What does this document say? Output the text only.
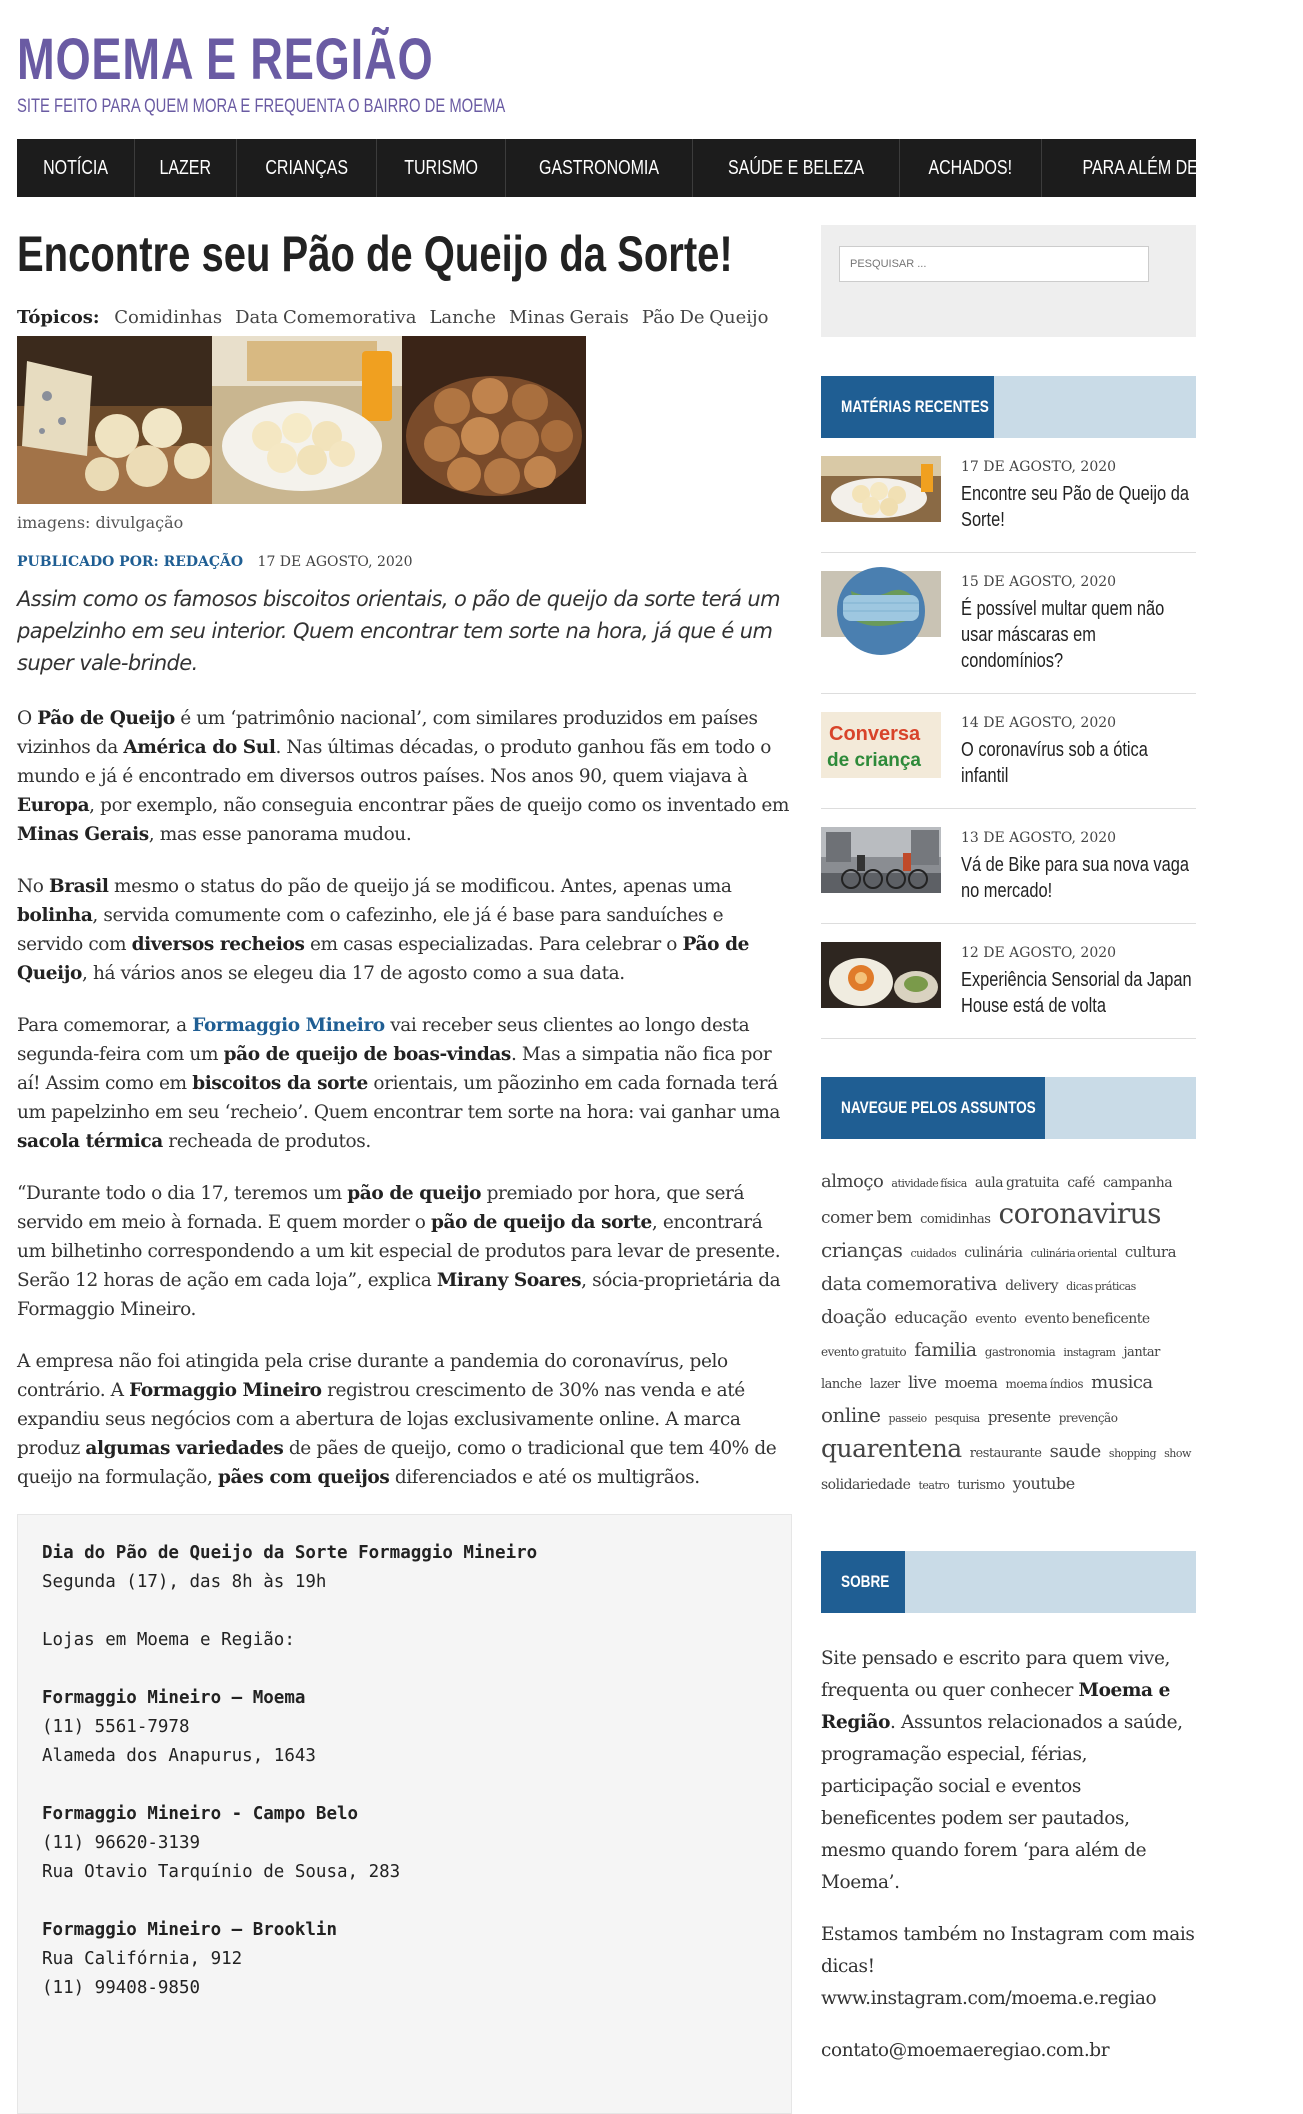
MOEMA E REGIÃO
SITE FEITO PARA QUEM MORA E FREQUENTA O BAIRRO DE MOEMA
NOTÍCIA	LAZER	CRIANÇAS	TURISMO	GASTRONOMIA	SAÚDE E BELEZA	ACHADOS!	PARA ALÉM DE MOEMA
Encontre seu Pão de Queijo da Sorte!
Tópicos: Comidinhas Data Comemorativa Lanche Minas Gerais Pão De Queijo
imagens: divulgação
PUBLICADO POR: REDAÇÃO 17 DE AGOSTO, 2020
Assim como os famosos biscoitos orientais, o pão de queijo da sorte terá um papelzinho em seu interior. Quem encontrar tem sorte na hora, já que é um super vale-brinde.

O Pão de Queijo é um ‘patrimônio nacional’, com similares produzidos em países vizinhos da América do Sul. Nas últimas décadas, o produto ganhou fãs em todo o mundo e já é encontrado em diversos outros países. Nos anos 90, quem viajava à Europa, por exemplo, não conseguia encontrar pães de queijo como os inventado em Minas Gerais, mas esse panorama mudou.

No Brasil mesmo o status do pão de queijo já se modificou. Antes, apenas uma bolinha, servida comumente com o cafezinho, ele já é base para sanduíches e servido com diversos recheios em casas especializadas. Para celebrar o Pão de Queijo, há vários anos se elegeu dia 17 de agosto como a sua data.

Para comemorar, a Formaggio Mineiro vai receber seus clientes ao longo desta segunda-feira com um pão de queijo de boas-vindas. Mas a simpatia não fica por aí! Assim como em biscoitos da sorte orientais, um pãozinho em cada fornada terá um papelzinho em seu ‘recheio’. Quem encontrar tem sorte na hora: vai ganhar uma sacola térmica recheada de produtos.

“Durante todo o dia 17, teremos um pão de queijo premiado por hora, que será servido em meio à fornada. E quem morder o pão de queijo da sorte, encontrará um bilhetinho correspondendo a um kit especial de produtos para levar de presente. Serão 12 horas de ação em cada loja”, explica Mirany Soares, sócia-proprietária da Formaggio Mineiro.

A empresa não foi atingida pela crise durante a pandemia do coronavírus, pelo contrário. A Formaggio Mineiro registrou crescimento de 30% nas venda e até expandiu seus negócios com a abertura de lojas exclusivamente online. A marca produz algumas variedades de pães de queijo, como o tradicional que tem 40% de queijo na formulação, pães com queijos diferenciados e até os multigrãos.

Dia do Pão de Queijo da Sorte Formaggio Mineiro
Segunda (17), das 8h às 19h

Lojas em Moema e Região:

Formaggio Mineiro – Moema
(11) 5561-7978
Alameda dos Anapurus, 1643

Formaggio Mineiro - Campo Belo
(11) 96620-3139
Rua Otavio Tarquínio de Sousa, 283

Formaggio Mineiro – Brooklin
Rua Califórnia, 912
(11) 99408-9850
PESQUISAR ...
MATÉRIAS RECENTES
17 DE AGOSTO, 2020
Encontre seu Pão de Queijo da Sorte!
15 DE AGOSTO, 2020
É possível multar quem não usar máscaras em condomínios?
Conversa
de criança
14 DE AGOSTO, 2020
O coronavírus sob a ótica infantil
13 DE AGOSTO, 2020
Vá de Bike para sua nova vaga no mercado!
12 DE AGOSTO, 2020
Experiência Sensorial da Japan House está de volta
NAVEGUE PELOS ASSUNTOS
almoço atividade física aula gratuita café campanha comer bem comidinhas coronavirus crianças cuidados culinária culinária oriental cultura data comemorativa delivery dicas práticas doação educação evento evento beneficente evento gratuito familia gastronomia instagram jantar lanche lazer live moema moema índios musica online passeio pesquisa presente prevenção quarentena restaurante saude shopping show solidariedade teatro turismo youtube
SOBRE

Site pensado e escrito para quem vive, frequenta ou quer conhecer Moema e Região. Assuntos relacionados a saúde, programação especial, férias, participação social e eventos beneficentes podem ser pautados, mesmo quando forem ‘para além de Moema’.

Estamos também no Instagram com mais dicas!
www.instagram.com/moema.e.regiao

contato@moemaeregiao.com.br
